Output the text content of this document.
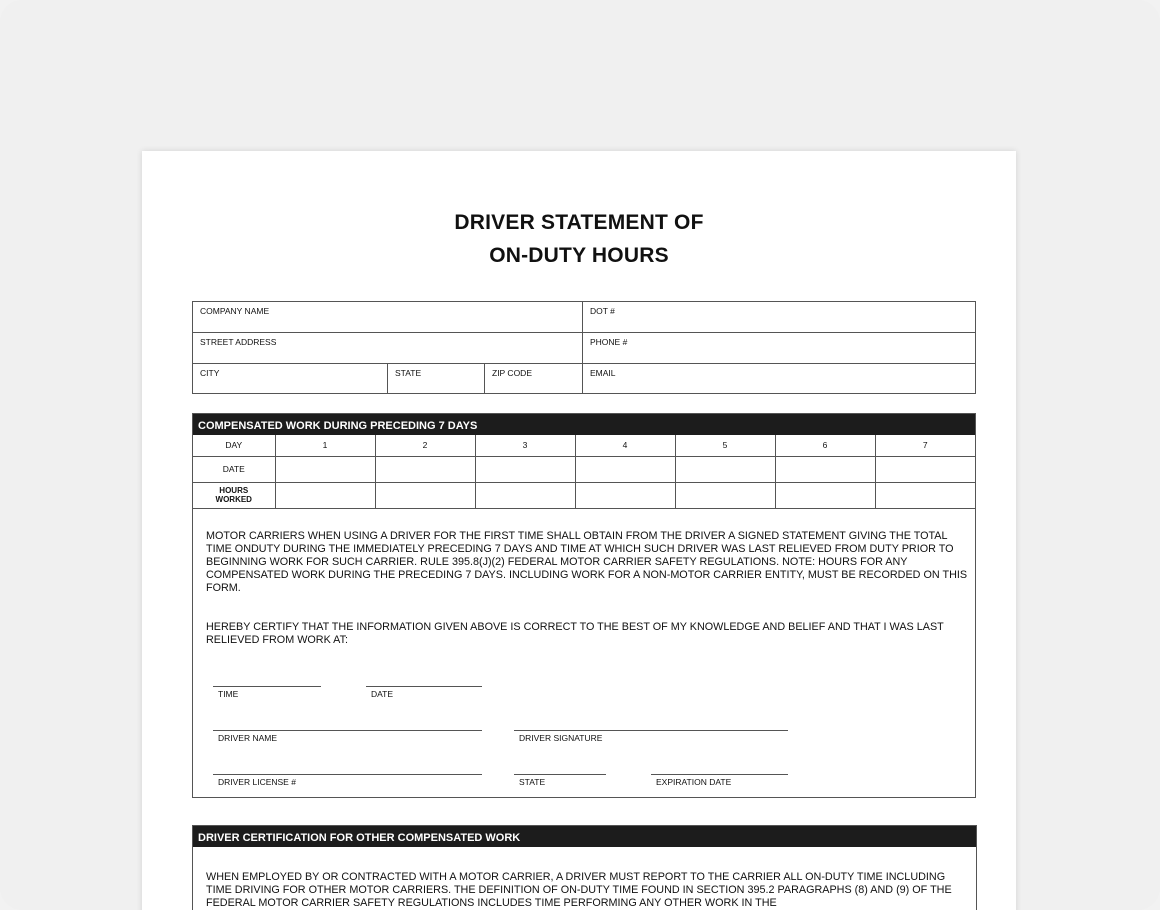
DRIVER STATEMENT OF
ON-DUTY HOURS
COMPANY NAME	DOT #
STREET ADDRESS	PHONE #
CITY	STATE	ZIP CODE	EMAIL
COMPENSATED WORK DURING PRECEDING 7 DAYS
DAY	1	2	3	4	5	6	7
DATE							
HOURS WORKED							
MOTOR CARRIERS WHEN USING A DRIVER FOR THE FIRST TIME SHALL OBTAIN FROM THE DRIVER A SIGNED STATEMENT GIVING THE TOTAL TIME ONDUTY DURING THE IMMEDIATELY PRECEDING 7 DAYS AND TIME AT WHICH SUCH DRIVER WAS LAST RELIEVED FROM DUTY PRIOR TO BEGINNING WORK FOR SUCH CARRIER. RULE 395.8(J)(2) FEDERAL MOTOR CARRIER SAFETY REGULATIONS. NOTE: HOURS FOR ANY COMPENSATED WORK DURING THE PRECEDING 7 DAYS. INCLUDING WORK FOR A NON-MOTOR CARRIER ENTITY, MUST BE RECORDED ON THIS FORM.
HEREBY CERTIFY THAT THE INFORMATION GIVEN ABOVE IS CORRECT TO THE BEST OF MY KNOWLEDGE AND BELIEF AND THAT I WAS LAST RELIEVED FROM WORK AT:
TIME	DATE
DRIVER NAME	DRIVER SIGNATURE
DRIVER LICENSE #	STATE	EXPIRATION DATE
DRIVER CERTIFICATION FOR OTHER COMPENSATED WORK
WHEN EMPLOYED BY OR CONTRACTED WITH A MOTOR CARRIER, A DRIVER MUST REPORT TO THE CARRIER ALL ON-DUTY TIME INCLUDING TIME DRIVING FOR OTHER MOTOR CARRIERS. THE DEFINITION OF ON-DUTY TIME FOUND IN SECTION 395.2 PARAGRAPHS (8) AND (9) OF THE FEDERAL MOTOR CARRIER SAFETY REGULATIONS INCLUDES TIME PERFORMING ANY OTHER WORK IN THE
